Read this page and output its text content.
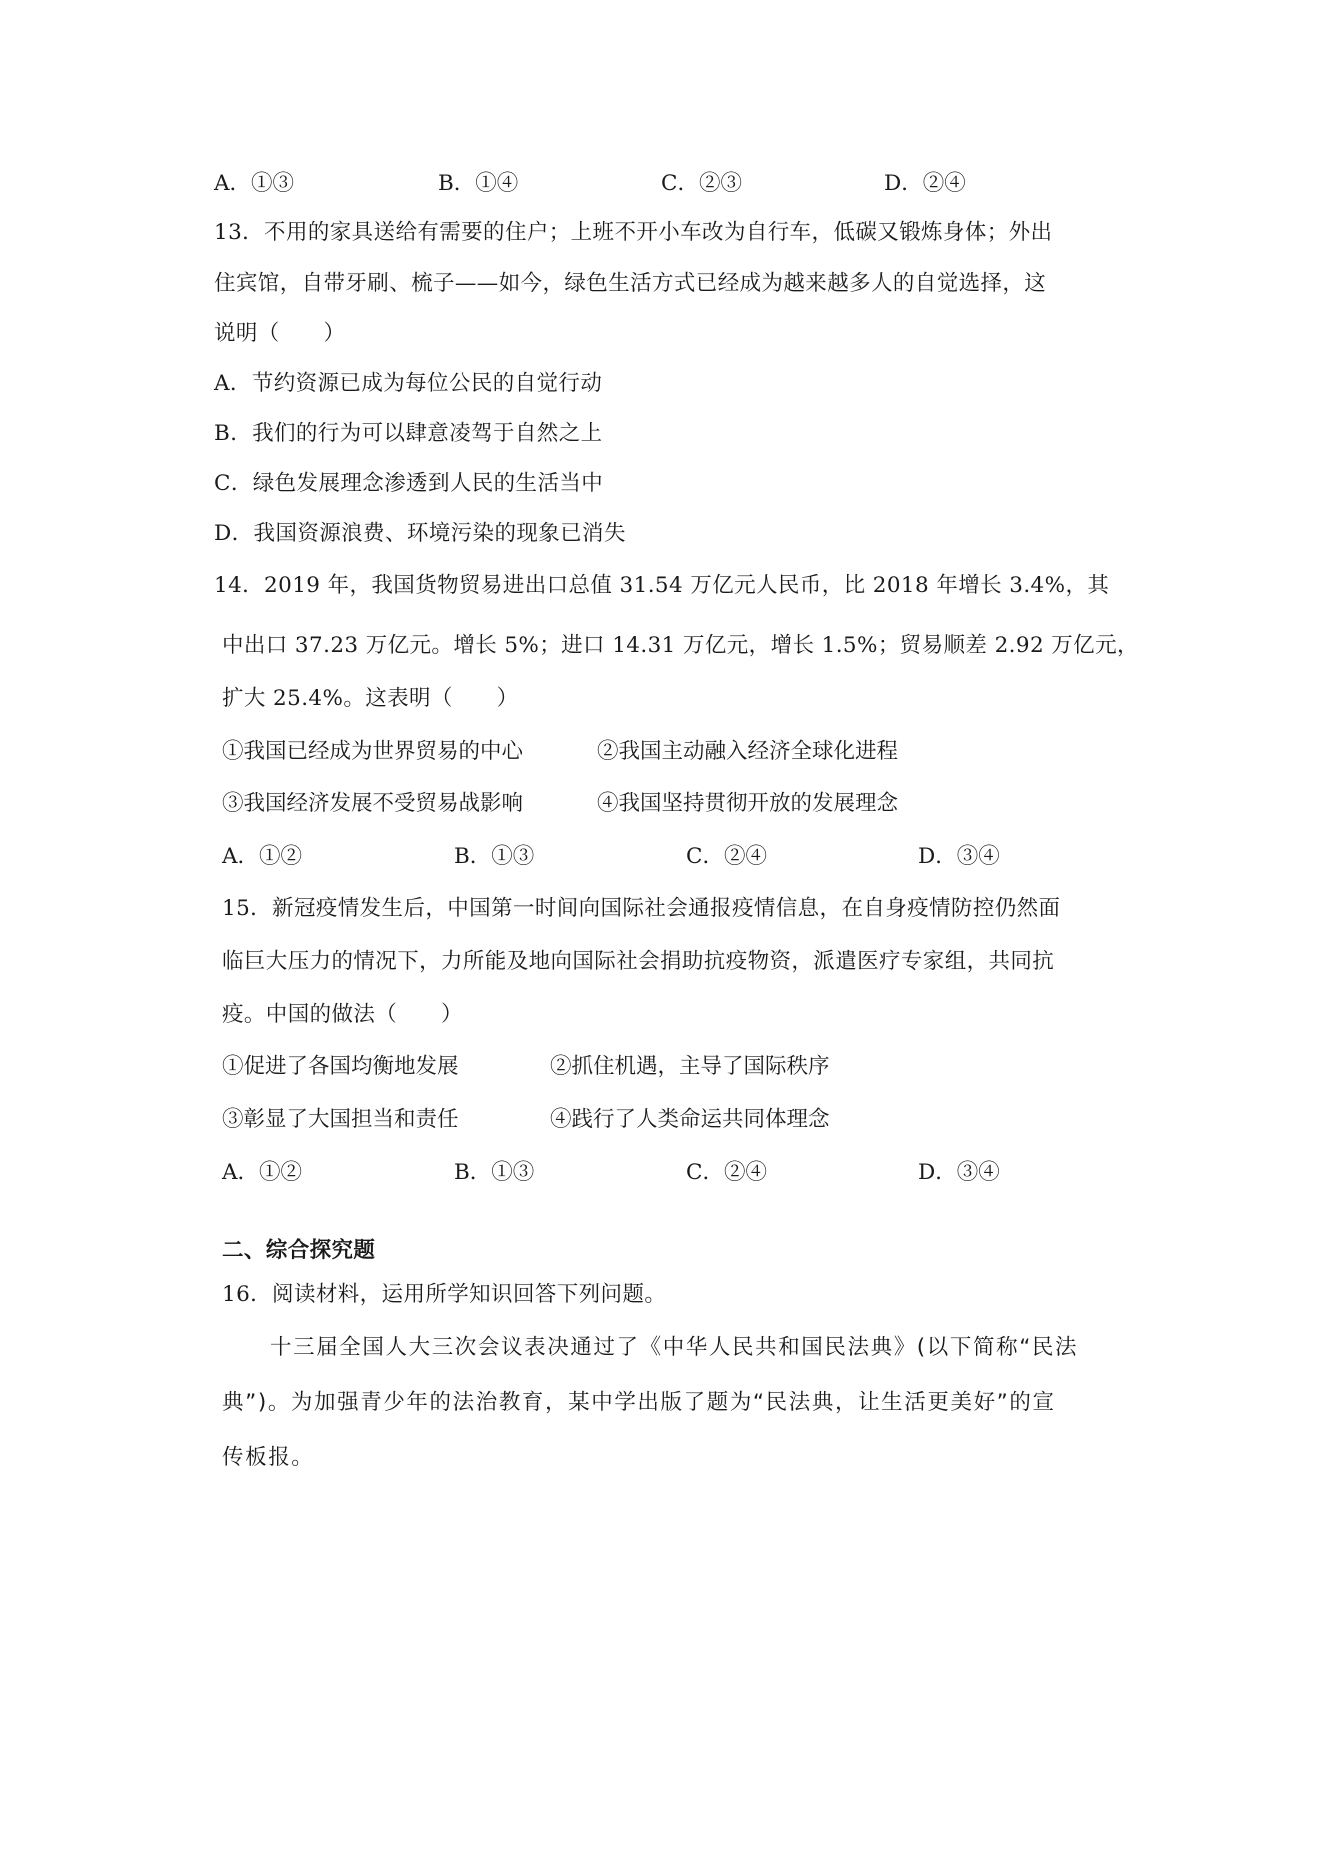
A．①③	B．①④	C．②③	D．②④
13．不用的家具送给有需要的住户；上班不开小车改为自行车，低碳又锻炼身体；外出
住宾馆，自带牙刷、梳子——如今，绿色生活方式已经成为越来越多人的自觉选择，这
说明（　　）
A．节约资源已成为每位公民的自觉行动
B．我们的行为可以肆意凌驾于自然之上
C．绿色发展理念渗透到人民的生活当中
D．我国资源浪费、环境污染的现象已消失
14．2019 年，我国货物贸易进出口总值 31.54 万亿元人民币，比 2018 年增长 3.4%，其
中出口 37.23 万亿元。增长 5%；进口 14.31 万亿元，增长 1.5%；贸易顺差 2.92 万亿元，
扩大 25.4%。这表明（　　）
①我国已经成为世界贸易的中心	②我国主动融入经济全球化进程
③我国经济发展不受贸易战影响	④我国坚持贯彻开放的发展理念
A．①②	B．①③	C．②④	D．③④
15．新冠疫情发生后，中国第一时间向国际社会通报疫情信息，在自身疫情防控仍然面
临巨大压力的情况下，力所能及地向国际社会捐助抗疫物资，派遣医疗专家组，共同抗
疫。中国的做法（　　）
①促进了各国均衡地发展	②抓住机遇，主导了国际秩序
③彰显了大国担当和责任	④践行了人类命运共同体理念
A．①②	B．①③	C．②④	D．③④
二、综合探究题
16．阅读材料，运用所学知识回答下列问题。
十三届全国人大三次会议表决通过了《中华人民共和国民法典》(以下简称“民法
典”)。为加强青少年的法治教育，某中学出版了题为“民法典，让生活更美好”的宣
传板报。
